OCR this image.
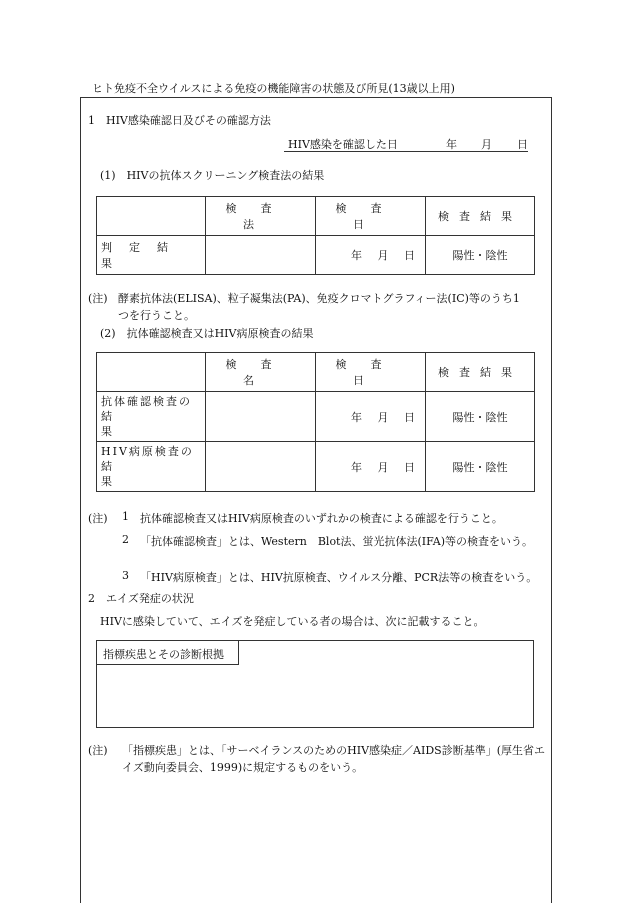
ヒト免疫不全ウイルスによる免疫の機能障害の状態及び所見(13歳以上用)
1　HIV感染確認日及びその確認方法
HIV感染を確認した日	年 月 日
(1)　HIVの抗体スクリーニング検査法の結果
	検査法	検査日	検査結果
判定結果		年 月 日	陽性・陰性
(注) 酵素抗体法(ELISA)、粒子凝集法(PA)、免疫クロマトグラフィー法(IC)等のうち1つを行うこと。
(2)　抗体確認検査又はHIV病原検査の結果
	検査名	検査日	検査結果

抗体確認検査の
結果		年 月 日	陽性・陰性

HIV病原検査の
結果		年 月 日	陽性・陰性
(注) 1 抗体確認検査又はHIV病原検査のいずれかの検査による確認を行うこと。
2 「抗体確認検査」とは、Western　Blot法、蛍光抗体法(IFA)等の検査をいう。
3 「HIV病原検査」とは、HIV抗原検査、ウイルス分離、PCR法等の検査をいう。
2　エイズ発症の状況
HIVに感染していて、エイズを発症している者の場合は、次に記載すること。
指標疾患とその診断根拠
(注) 「指標疾患」とは、「サーベイランスのためのHIV感染症／AIDS診断基準」(厚生省エイズ動向委員会、1999)に規定するものをいう。
